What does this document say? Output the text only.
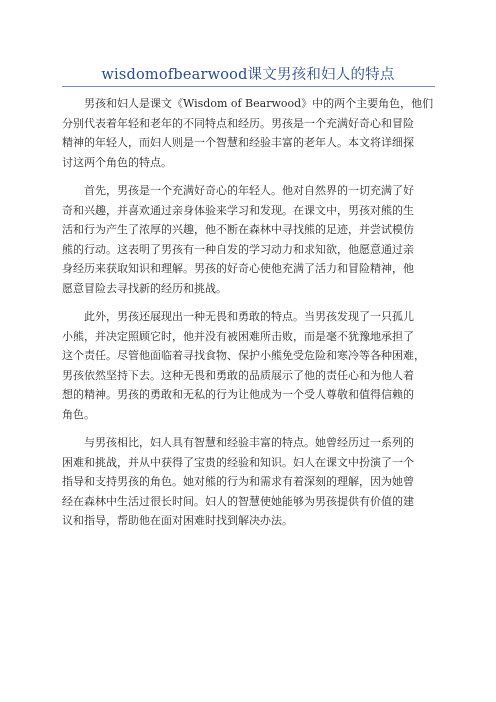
wisdomofbearwood课文男孩和妇人的特点

男孩和妇人是课文《Wisdom of Bearwood》中的两个主要角色，他们
分别代表着年轻和老年的不同特点和经历。男孩是一个充满好奇心和冒险
精神的年轻人，而妇人则是一个智慧和经验丰富的老年人。本文将详细探
讨这两个角色的特点。

首先，男孩是一个充满好奇心的年轻人。他对自然界的一切充满了好
奇和兴趣，并喜欢通过亲身体验来学习和发现。在课文中，男孩对熊的生
活和行为产生了浓厚的兴趣，他不断在森林中寻找熊的足迹，并尝试模仿
熊的行动。这表明了男孩有一种自发的学习动力和求知欲，他愿意通过亲
身经历来获取知识和理解。男孩的好奇心使他充满了活力和冒险精神，他
愿意冒险去寻找新的经历和挑战。

此外，男孩还展现出一种无畏和勇敢的特点。当男孩发现了一只孤儿
小熊，并决定照顾它时，他并没有被困难所击败，而是毫不犹豫地承担了
这个责任。尽管他面临着寻找食物、保护小熊免受危险和寒冷等各种困难，
男孩依然坚持下去。这种无畏和勇敢的品质展示了他的责任心和为他人着
想的精神。男孩的勇敢和无私的行为让他成为一个受人尊敬和值得信赖的
角色。

与男孩相比，妇人具有智慧和经验丰富的特点。她曾经历过一系列的
困难和挑战，并从中获得了宝贵的经验和知识。妇人在课文中扮演了一个
指导和支持男孩的角色。她对熊的行为和需求有着深刻的理解，因为她曾
经在森林中生活过很长时间。妇人的智慧使她能够为男孩提供有价值的建
议和指导，帮助他在面对困难时找到解决办法。
